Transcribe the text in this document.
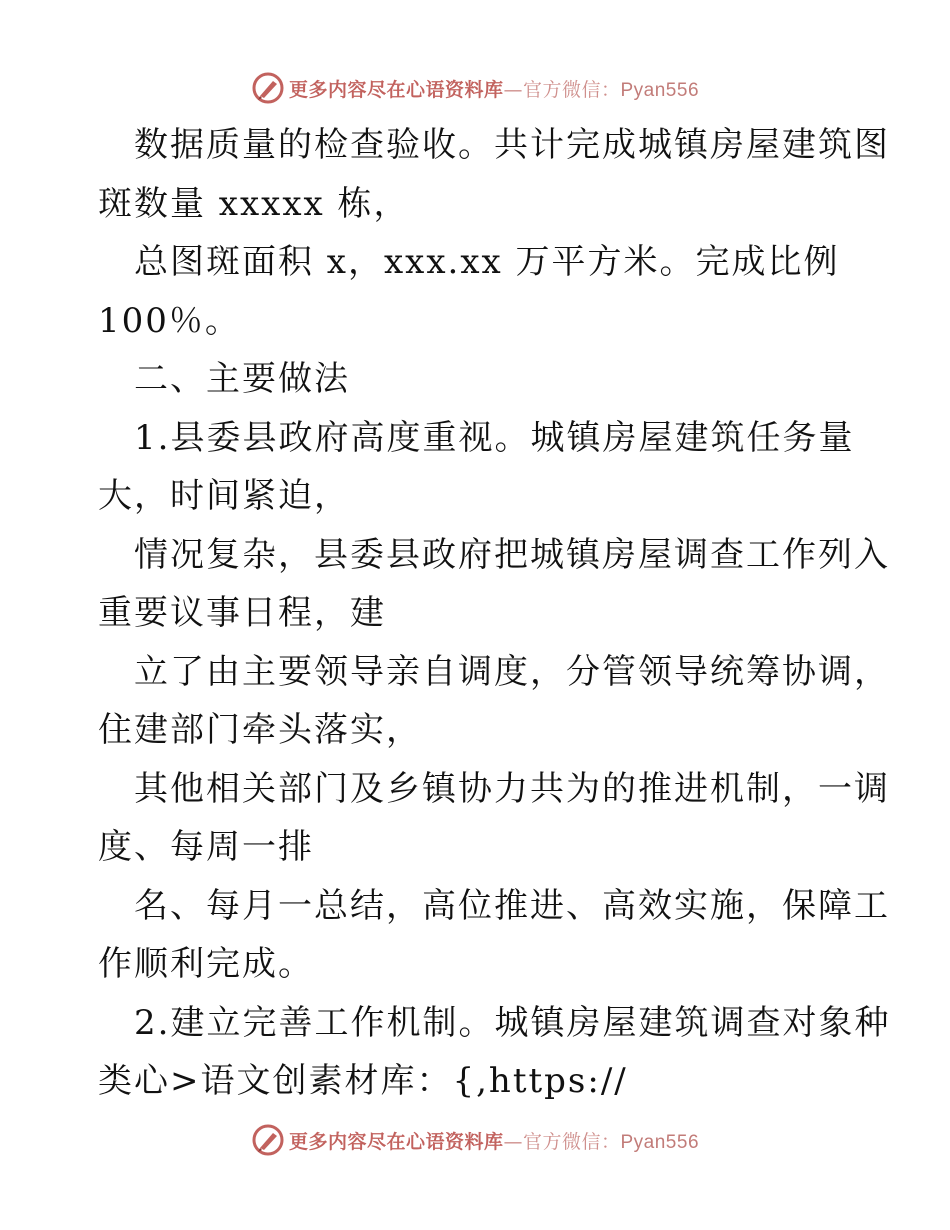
更多内容尽在心语资料库—官方微信：Pyan556
数据质量的检查验收。共计完成城镇房屋建筑图
斑数量 xxxxx 栋，
总图斑面积 x，xxx.xx 万平方米。完成比例
100％。
二、主要做法
1.县委县政府高度重视。城镇房屋建筑任务量
大，时间紧迫，
情况复杂，县委县政府把城镇房屋调查工作列入
重要议事日程，建
立了由主要领导亲自调度，分管领导统筹协调，
住建部门牵头落实，
其他相关部门及乡镇协力共为的推进机制，一调
度、每周一排
名、每月一总结，高位推进、高效实施，保障工
作顺利完成。
2.建立完善工作机制。城镇房屋建筑调查对象种
类心>语文创素材库：{,https://
更多内容尽在心语资料库—官方微信：Pyan556
